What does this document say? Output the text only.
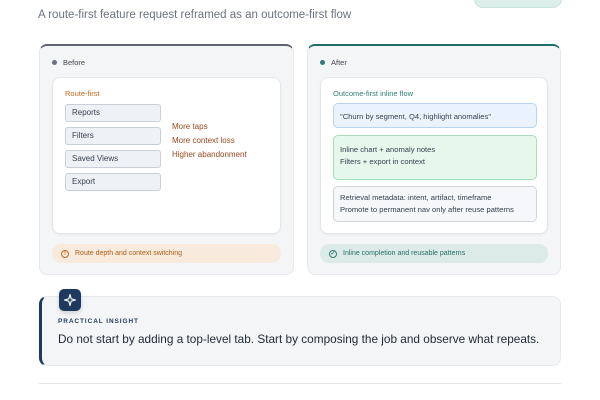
A route-first feature request reframed as an outcome-first flow
Before
Route-first
Reports
Filters
Saved Views
Export
More taps
More context loss
Higher abandonment
!	Route depth and context switching
After
Outcome-first inline flow
"Churn by segment, Q4, highlight anomalies"
Inline chart + anomaly notes
Filters + export in context
Retrieval metadata: intent, artifact, timeframe
Promote to permanent nav only after reuse patterns
✓ Inline completion and reusable patterns
PRACTICAL INSIGHT
Do not start by adding a top-level tab. Start by composing the job and observe what repeats.
